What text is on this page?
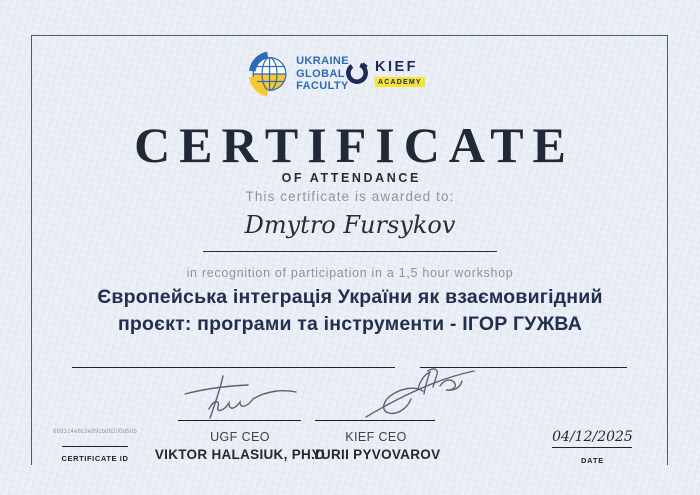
UKRAINE
GLOBAL
FACULTY
KIEF
ACADEMY
CERTIFICATE
OF ATTENDANCE
This certificate is awarded to:
Dmytro Fursykov
in recognition of participation in a 1,5 hour workshop
Європейська інтеграція України як взаємовигідний
проєкт: програми та інструменти - ІГОР ГУЖВА
6931c4e8c3e99cbd6200d50b
CERTIFICATE ID
UGF CEO
VIKTOR HALASIUK, PH.D
KIEF CEO
YURII PYVOVAROV
04/12/2025
DATE
